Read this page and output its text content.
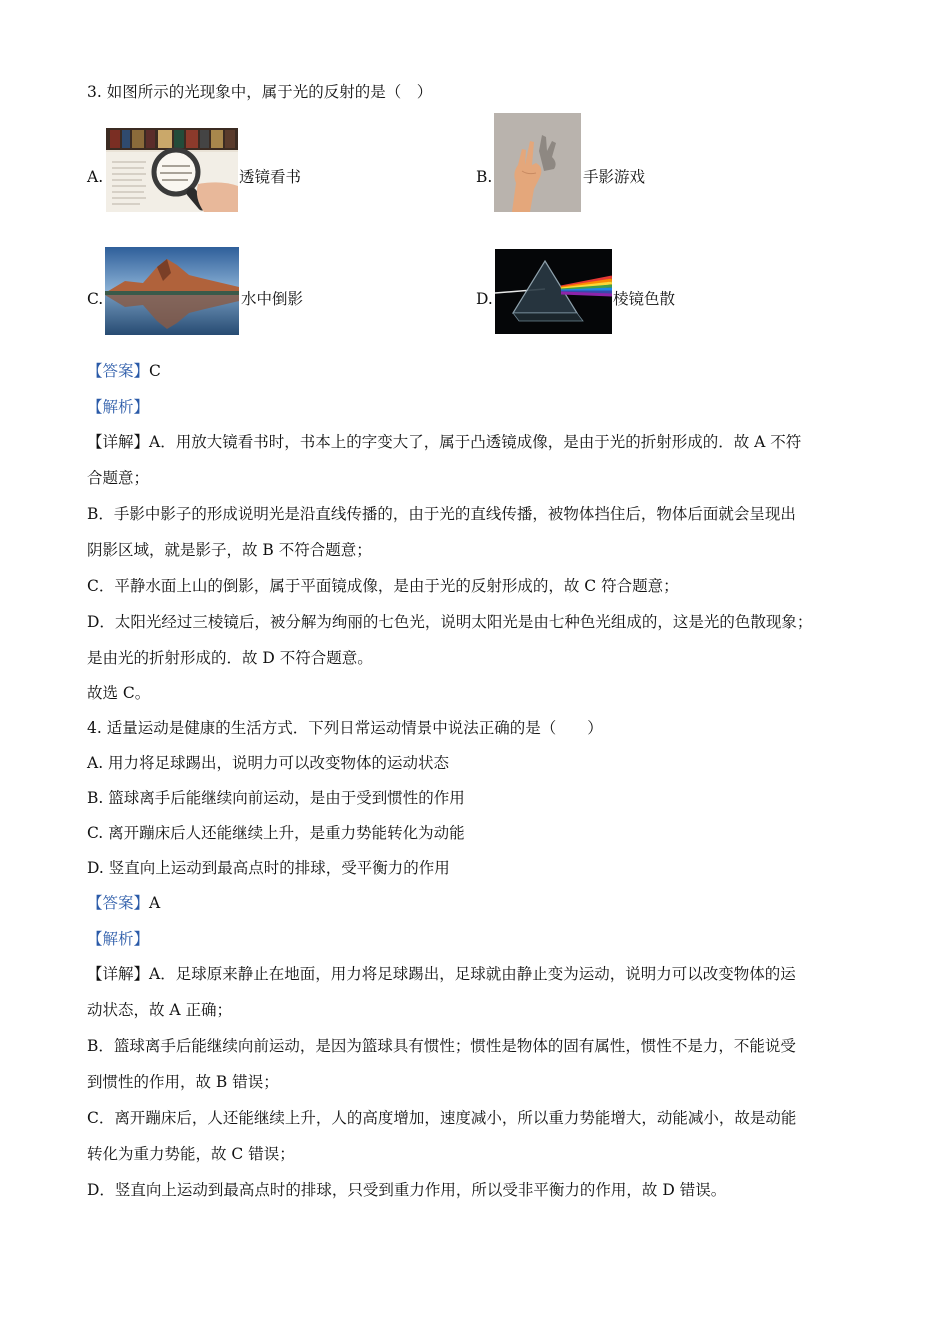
3. 如图所示的光现象中，属于光的反射的是（　）
A.	透镜看书	B.	手影游戏
C.	水中倒影	D.	棱镜色散
【答案】C
【解析】
【详解】A．用放大镜看书时，书本上的字变大了，属于凸透镜成像，是由于光的折射形成的．故 A 不符
合题意；
B．手影中影子的形成说明光是沿直线传播的，由于光的直线传播，被物体挡住后，物体后面就会呈现出
阴影区域，就是影子，故 B 不符合题意；
C．平静水面上山的倒影，属于平面镜成像，是由于光的反射形成的，故 C 符合题意；
D．太阳光经过三棱镜后，被分解为绚丽的七色光，说明太阳光是由七种色光组成的，这是光的色散现象；
是由光的折射形成的．故 D 不符合题意。
故选 C。
4. 适量运动是健康的生活方式．下列日常运动情景中说法正确的是（　　）
A. 用力将足球踢出，说明力可以改变物体的运动状态
B. 篮球离手后能继续向前运动，是由于受到惯性的作用
C. 离开蹦床后人还能继续上升，是重力势能转化为动能
D. 竖直向上运动到最高点时的排球，受平衡力的作用
【答案】A
【解析】
【详解】A．足球原来静止在地面，用力将足球踢出，足球就由静止变为运动，说明力可以改变物体的运
动状态，故 A 正确；
B．篮球离手后能继续向前运动，是因为篮球具有惯性；惯性是物体的固有属性，惯性不是力，不能说受
到惯性的作用，故 B 错误；
C．离开蹦床后，人还能继续上升，人的高度增加，速度减小，所以重力势能增大，动能减小，故是动能
转化为重力势能，故 C 错误；
D．竖直向上运动到最高点时的排球，只受到重力作用，所以受非平衡力的作用，故 D 错误。
